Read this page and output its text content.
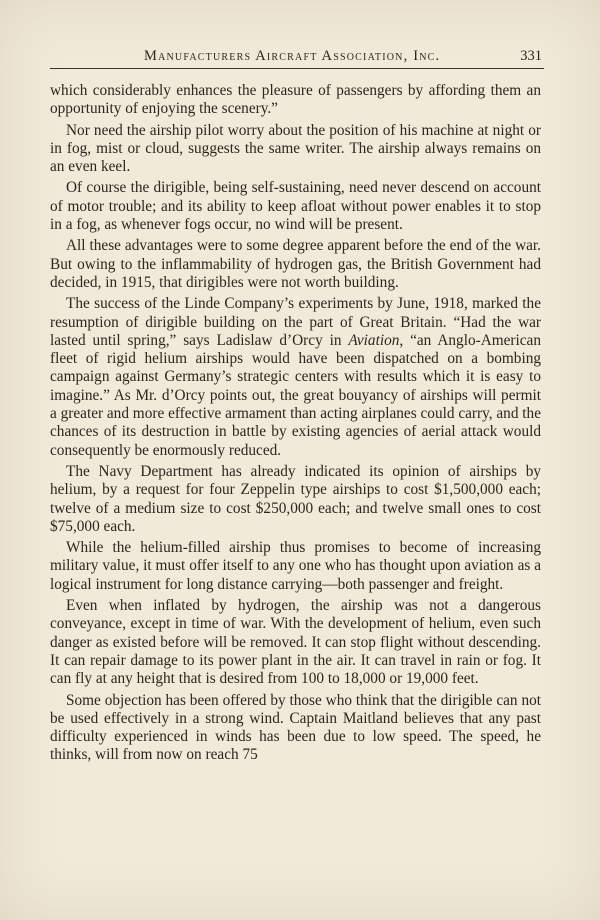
Manufacturers Aircraft Association, Inc.	331

which considerably enhances the pleasure of passengers by affording them an opportunity of enjoying the scenery.”

Nor need the airship pilot worry about the position of his machine at night or in fog, mist or cloud, suggests the same writer. The airship always remains on an even keel.

Of course the dirigible, being self-sustaining, need never descend on account of motor trouble; and its ability to keep afloat without power enables it to stop in a fog, as whenever fogs occur, no wind will be present.

All these advantages were to some degree apparent before the end of the war. But owing to the inflammability of hydrogen gas, the British Government had decided, in 1915, that dirigibles were not worth building.

The success of the Linde Company’s experiments by June, 1918, marked the resumption of dirigible building on the part of Great Britain. “Had the war lasted until spring,” says Ladislaw d’Orcy in Aviation, “an Anglo-American fleet of rigid helium airships would have been dispatched on a bombing campaign against Germany’s strategic centers with results which it is easy to imagine.” As Mr. d’Orcy points out, the great bouyancy of airships will permit a greater and more effective armament than acting airplanes could carry, and the chances of its destruction in battle by existing agencies of aerial attack would consequently be enormously reduced.

The Navy Department has already indicated its opinion of airships by helium, by a request for four Zeppelin type airships to cost $1,500,000 each; twelve of a medium size to cost $250,000 each; and twelve small ones to cost $75,000 each.

While the helium-filled airship thus promises to become of increasing military value, it must offer itself to any one who has thought upon aviation as a logical instrument for long distance carrying—both passenger and freight.

Even when inflated by hydrogen, the airship was not a dangerous conveyance, except in time of war. With the development of helium, even such danger as existed before will be removed. It can stop flight without descending. It can repair damage to its power plant in the air. It can travel in rain or fog. It can fly at any height that is desired from 100 to 18,000 or 19,000 feet.

Some objection has been offered by those who think that the dirigible can not be used effectively in a strong wind. Captain Maitland believes that any past difficulty experienced in winds has been due to low speed. The speed, he thinks, will from now on reach 75
